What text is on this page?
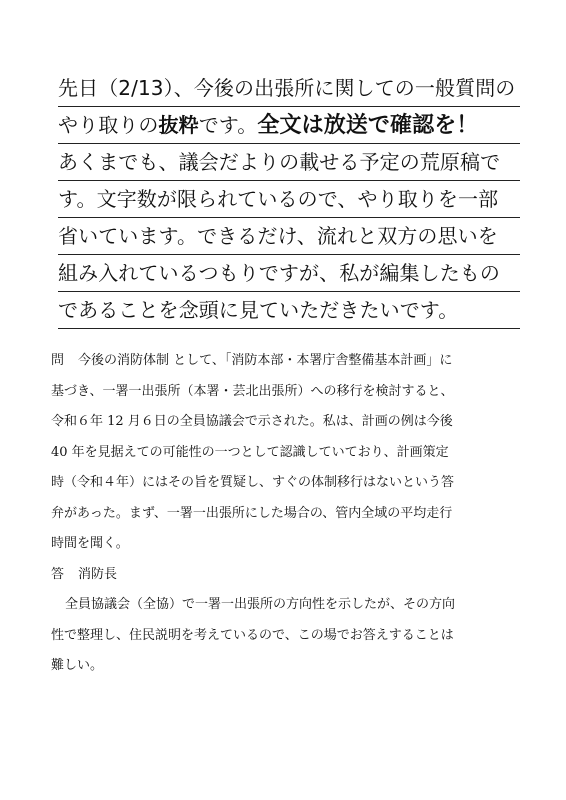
先日（2/13）、今後の出張所に関しての一般質問の
やり取りの抜粋です。全文は放送で確認を！
あくまでも、議会だよりの載せる予定の荒原稿で
す。文字数が限られているので、やり取りを一部
省いています。できるだけ、流れと双方の思いを
組み入れているつもりですが、私が編集したもの
であることを念頭に見ていただきたいです。
問 今後の消防体制 として、「消防本部・本署庁舎整備基本計画」に
基づき、一署一出張所（本署・芸北出張所）への移行を検討すると、
令和６年 12 月６日の全員協議会で示された。私は、計画の例は今後
40 年を見据えての可能性の一つとして認識していており、計画策定
時（令和４年）にはその旨を質疑し、すぐの体制移行はないという答
弁があった。まず、一署一出張所にした場合の、管内全域の平均走行
時間を聞く。
答 消防長
全員協議会（全協）で一署一出張所の方向性を示したが、その方向
性で整理し、住民説明を考えているので、この場でお答えすることは
難しい。
